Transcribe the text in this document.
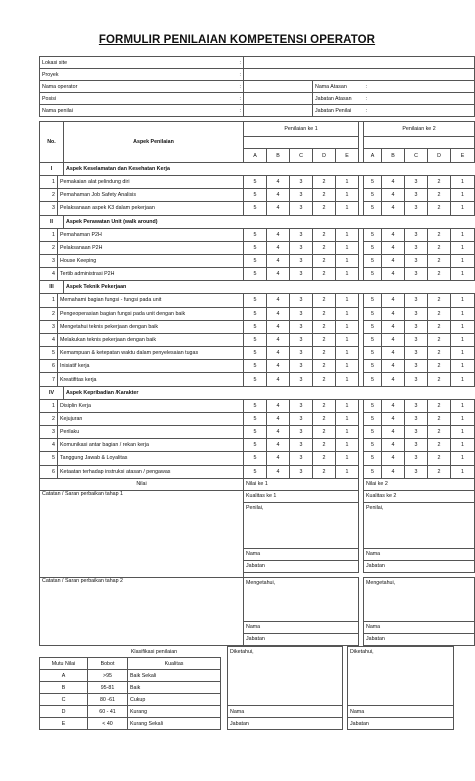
FORMULIR PENILAIAN KOMPETENSI OPERATOR
Lokasi site		:											
Proyek		:											
Nama operator		:				Nama Atasan			:				
Posisi		:				Jabatan Atasan			:				
Nama penilai		:				Jabatan Penilai			:				

No.		Aspek Penilaian	Penilaian ke 1						Penilaian ke 2				

			A	B	C	D	E		A	B	C	D	E
I		Aspek Keselamatan dan Kesehatan Kerja											
1	Pemakaian alat pelindung diri		5	4	3	2	1		5	4	3	2	1
2	Pemahaman Job Safety Analisis		5	4	3	2	1		5	4	3	2	1
3	Pelaksanaan aspek K3 dalam pekerjaan		5	4	3	2	1		5	4	3	2	1
II		Aspek Perawatan Unit (walk around)											
1	Pemahaman P2H		5	4	3	2	1		5	4	3	2	1
2	Pelaksanaan P2H		5	4	3	2	1		5	4	3	2	1
3	House Keeping		5	4	3	2	1		5	4	3	2	1
4	Tertib administrasi P2H		5	4	3	2	1		5	4	3	2	1
III		Aspek Teknik Pekerjaan											
1	Memahami bagian fungsi - fungsi pada unit		5	4	3	2	1		5	4	3	2	1
2	Pengeoperasian bagian fungsi pada unit dengan baik		5	4	3	2	1		5	4	3	2	1
3	Mengetahui teknis pekerjaan dengan baik		5	4	3	2	1		5	4	3	2	1
4	Melakukan teknis pekerjaan dengan baik		5	4	3	2	1		5	4	3	2	1
5	Kemampuan & ketepatan waktu dalam penyelesaian tugas		5	4	3	2	1		5	4	3	2	1
6	Inisiatif kerja		5	4	3	2	1		5	4	3	2	1
7	Kreatifitas kerja		5	4	3	2	1		5	4	3	2	1
IV		Aspek Kepribadian /Karakter											
1	Disiplin Kerja		5	4	3	2	1		5	4	3	2	1
2	Kejujuran		5	4	3	2	1		5	4	3	2	1
3	Perilaku		5	4	3	2	1		5	4	3	2	1
4	Komunikasi antar bagian / rekan kerja		5	4	3	2	1		5	4	3	2	1
5	Tanggung Jawab & Loyalitas		5	4	3	2	1		5	4	3	2	1
6	Ketaatan terhadap instruksi atasan / pengawas		5	4	3	2	1		5	4	3	2	1
Nilai			Nilai ke 1						Nilai ke 2				
Catatan / Saran perbaikan tahap 1			Kualitas ke 1						Kualitas ke 2				
			Penilai,						Penilai,				

			Nama						Nama				
			Jabatan						Jabatan				

Catatan / Saran perbaikan tahap 2			Mengetahui,						Mengetahui,				

			Nama						Nama				
			Jabatan						Jabatan				
	Klasifikasi penilaian			Diketahui,		Diketahui,
Mutu Nilai	Bobot	Kualitas				
A	>95	Baik Sekali				
B	95-81	Baik				
C	80 -61	Cukup				
D	60 - 41	Kurang		Nama		Nama
E	< 40	Kurang Sekali		Jabatan		Jabatan
